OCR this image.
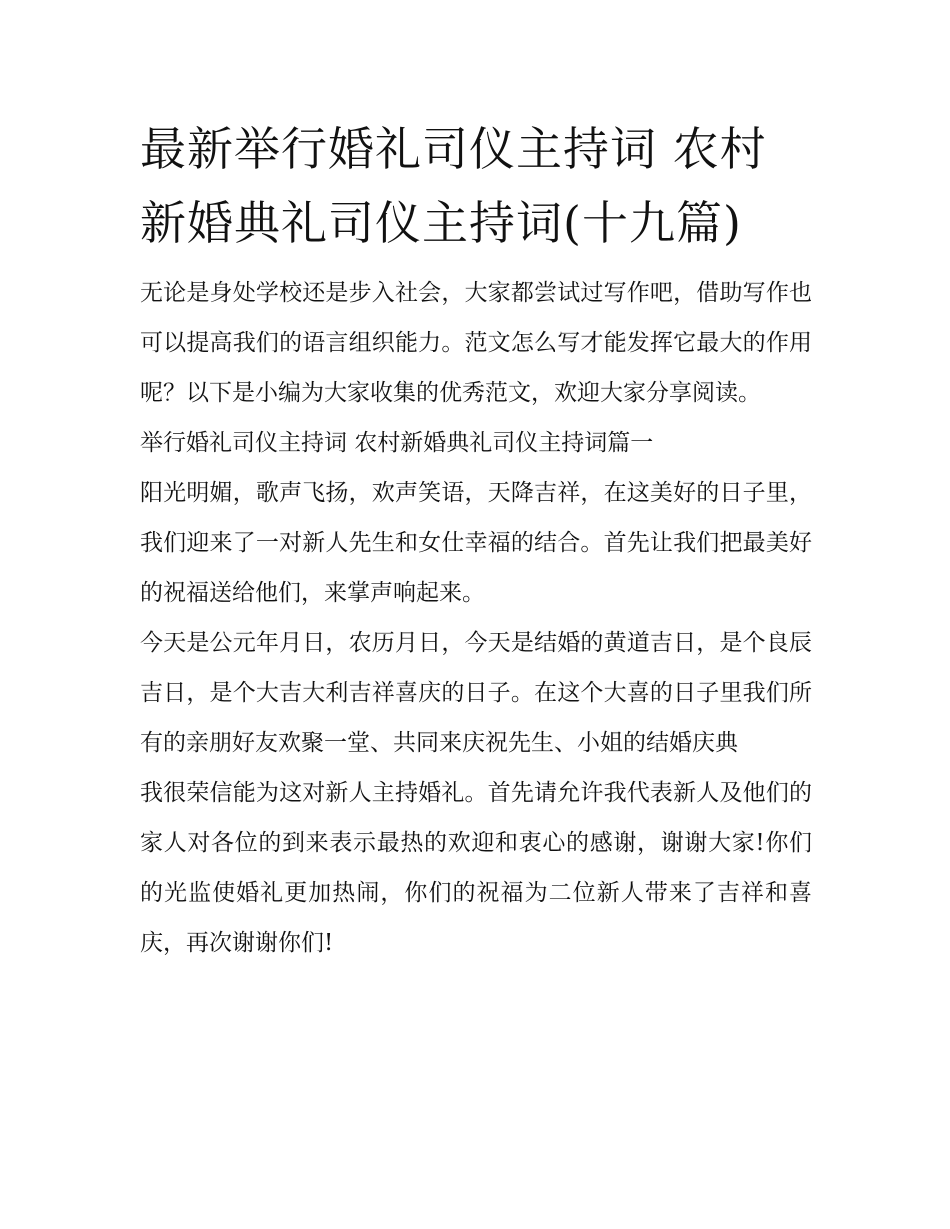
最新举行婚礼司仪主持词 农村新婚典礼司仪主持词(十九篇)

无论是身处学校还是步入社会，大家都尝试过写作吧，借助写作也可以提高我们的语言组织能力。范文怎么写才能发挥它最大的作用呢？以下是小编为大家收集的优秀范文，欢迎大家分享阅读。

举行婚礼司仪主持词 农村新婚典礼司仪主持词篇一

阳光明媚，歌声飞扬，欢声笑语，天降吉祥，在这美好的日子里，我们迎来了一对新人先生和女仕幸福的结合。首先让我们把最美好的祝福送给他们，来掌声响起来。

今天是公元年月日，农历月日，今天是结婚的黄道吉日，是个良辰吉日，是个大吉大利吉祥喜庆的日子。在这个大喜的日子里我们所有的亲朋好友欢聚一堂、共同来庆祝先生、小姐的结婚庆典

我很荣信能为这对新人主持婚礼。首先请允许我代表新人及他们的家人对各位的到来表示最热的欢迎和衷心的感谢，谢谢大家!你们的光监使婚礼更加热闹，你们的祝福为二位新人带来了吉祥和喜庆，再次谢谢你们!
